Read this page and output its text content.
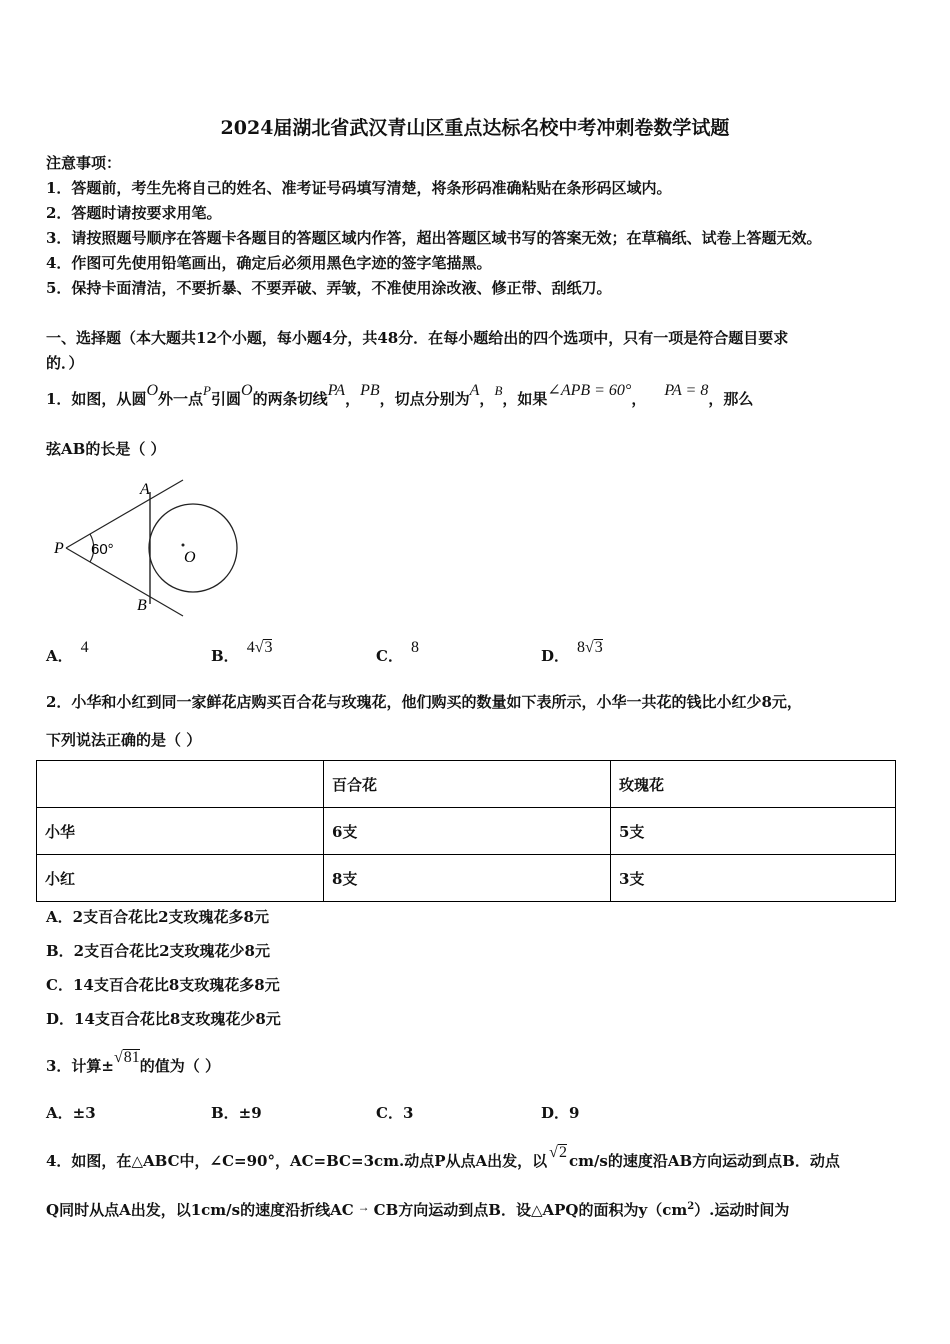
2024届湖北省武汉青山区重点达标名校中考冲刺卷数学试题
注意事项：
1．答题前，考生先将自己的姓名、准考证号码填写清楚，将条形码准确粘贴在条形码区域内。
2．答题时请按要求用笔。
3．请按照题号顺序在答题卡各题目的答题区域内作答，超出答题区域书写的答案无效；在草稿纸、试卷上答题无效。
4．作图可先使用铅笔画出，确定后必须用黑色字迹的签字笔描黑。
5．保持卡面清洁，不要折暴、不要弄破、弄皱，不准使用涂改液、修正带、刮纸刀。
一、选择题（本大题共12个小题，每小题4分，共48分．在每小题给出的四个选项中，只有一项是符合题目要求
的．）
1．如图，从圆O外一点P引圆O的两条切线PA，PB，切点分别为A，B，如果∠APB = 60°， PA = 8，那么
弦AB的长是（ ）
A
B
P
O
60°
A． 4	B． 4√3	C． 8	D． 8√3
2．小华和小红到同一家鲜花店购买百合花与玫瑰花，他们购买的数量如下表所示，小华一共花的钱比小红少8元，
下列说法正确的是（ ）
	百合花	玫瑰花
小华	6支	5支
小红	8支	3支
A．2支百合花比2支玫瑰花多8元
B．2支百合花比2支玫瑰花少8元
C．14支百合花比8支玫瑰花多8元
D．14支百合花比8支玫瑰花少8元
3．计算±√81的值为（ ）
A．±3	B．±9	C．3	D．9
4．如图，在△ABC中，∠C=90°，AC=BC=3cm.动点P从点A出发，以 √2 cm/s的速度沿AB方向运动到点B．动点
Q同时从点A出发，以1cm/s的速度沿折线AC → CB方向运动到点B．设△APQ的面积为$y(cm^2)$.运动时间为
